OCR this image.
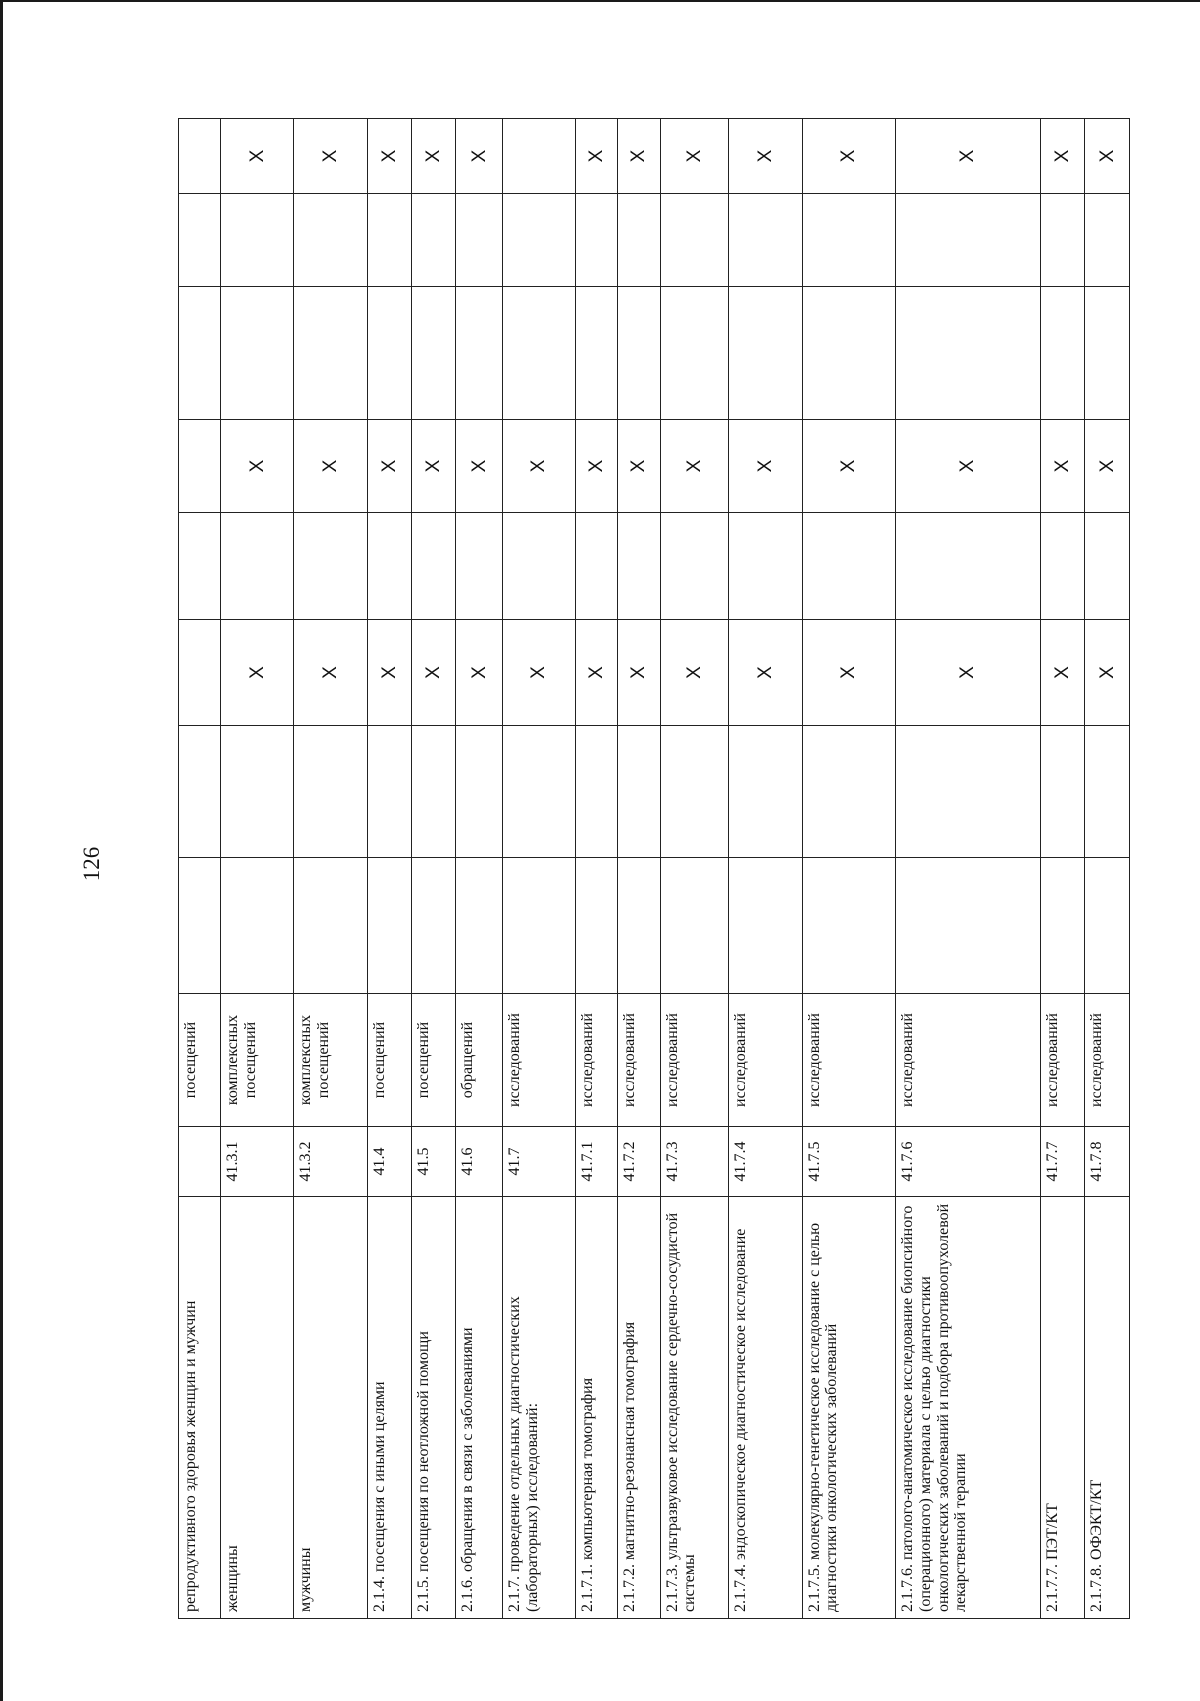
126
репродуктивного здоровья женщин и мужчин		посещений								
женщины	41.3.1	комплексных посещений			X		X			X
мужчины	41.3.2	комплексных посещений			X		X			X
2.1.4. посещения с иными целями	41.4	посещений			X		X			X
2.1.5. посещения по неотложной помощи	41.5	посещений			X		X			X
2.1.6. обращения в связи с заболеваниями	41.6	обращений			X		X			X
2.1.7. проведение отдельных диагностических (лабораторных) исследований:	41.7	исследований			X		X			
2.1.7.1. компьютерная томография	41.7.1	исследований			X		X			X
2.1.7.2. магнитно-резонансная томография	41.7.2	исследований			X		X			X
2.1.7.3. ультразвуковое исследование сердечно-сосудистой системы	41.7.3	исследований			X		X			X
2.1.7.4. эндоскопическое диагностическое исследование	41.7.4	исследований			X		X			X
2.1.7.5. молекулярно-генетическое исследование с целью диагностики онкологических заболеваний	41.7.5	исследований			X		X			X
2.1.7.6. патолого-анатомическое исследование биопсийного (операционного) материала с целью диагностики онкологических заболеваний и подбора противоопухолевой лекарственной терапии	41.7.6	исследований			X		X			X
2.1.7.7. ПЭТ/КТ	41.7.7	исследований			X		X			X
2.1.7.8. ОФЭКТ/КТ	41.7.8	исследований			X		X			X
